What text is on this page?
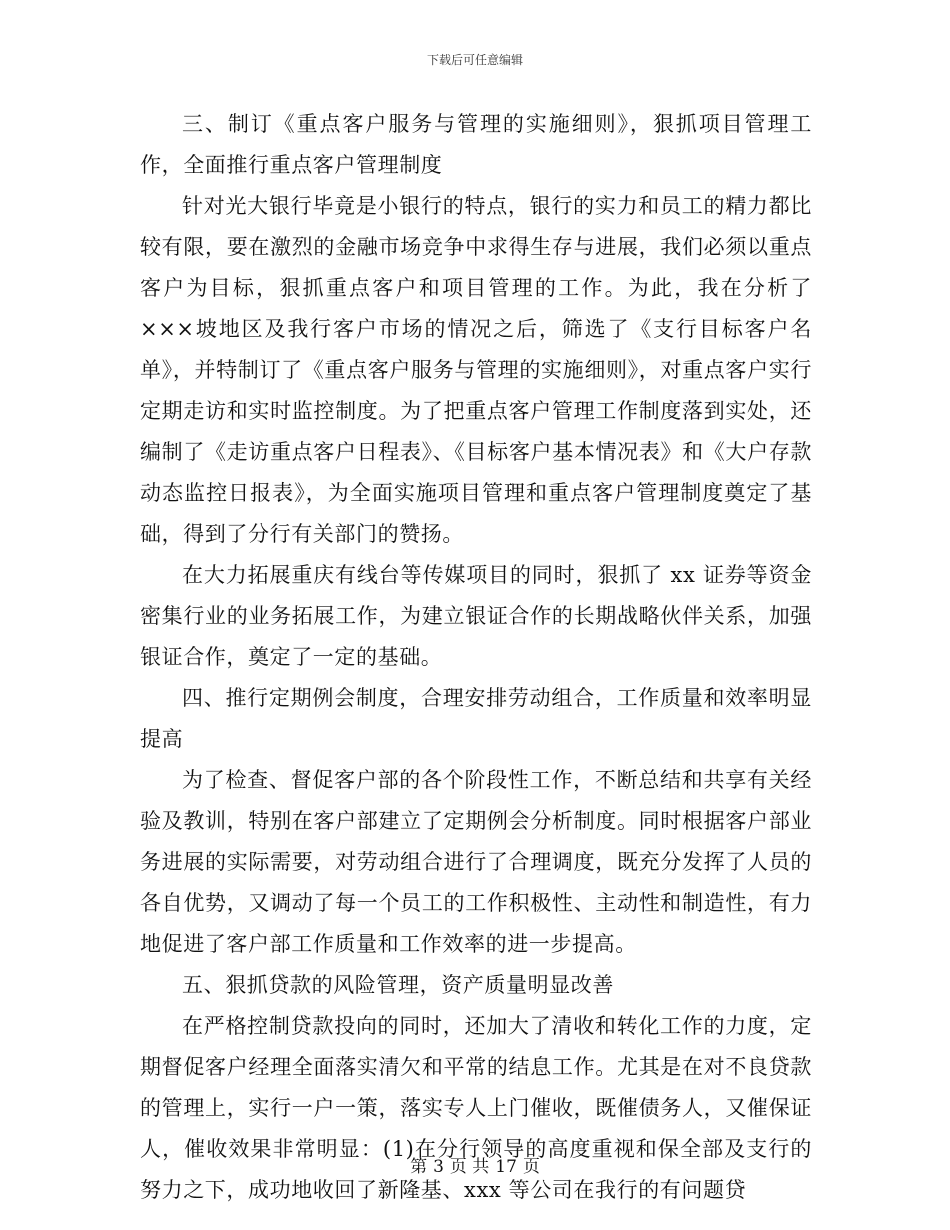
下载后可任意编辑

三、制订《重点客户服务与管理的实施细则》，狠抓项目管理工作，全面推行重点客户管理制度

针对光大银行毕竟是小银行的特点，银行的实力和员工的精力都比较有限，要在激烈的金融市场竞争中求得生存与进展，我们必须以重点客户为目标，狠抓重点客户和项目管理的工作。为此，我在分析了×××坡地区及我行客户市场的情况之后，筛选了《支行目标客户名单》，并特制订了《重点客户服务与管理的实施细则》，对重点客户实行定期走访和实时监控制度。为了把重点客户管理工作制度落到实处，还编制了《走访重点客户日程表》、《目标客户基本情况表》和《大户存款动态监控日报表》，为全面实施项目管理和重点客户管理制度奠定了基础，得到了分行有关部门的赞扬。

在大力拓展重庆有线台等传媒项目的同时，狠抓了 xx 证券等资金密集行业的业务拓展工作，为建立银证合作的长期战略伙伴关系，加强银证合作，奠定了一定的基础。

四、推行定期例会制度，合理安排劳动组合，工作质量和效率明显提高

为了检查、督促客户部的各个阶段性工作，不断总结和共享有关经验及教训，特别在客户部建立了定期例会分析制度。同时根据客户部业务进展的实际需要，对劳动组合进行了合理调度，既充分发挥了人员的各自优势，又调动了每一个员工的工作积极性、主动性和制造性，有力地促进了客户部工作质量和工作效率的进一步提高。

五、狠抓贷款的风险管理，资产质量明显改善

在严格控制贷款投向的同时，还加大了清收和转化工作的力度，定期督促客户经理全面落实清欠和平常的结息工作。尤其是在对不良贷款的管理上，实行一户一策，落实专人上门催收，既催债务人，又催保证人，催收效果非常明显：(1)在分行领导的高度重视和保全部及支行的努力之下，成功地收回了新隆基、xxx 等公司在我行的有问题贷

第 3 页 共 17 页
